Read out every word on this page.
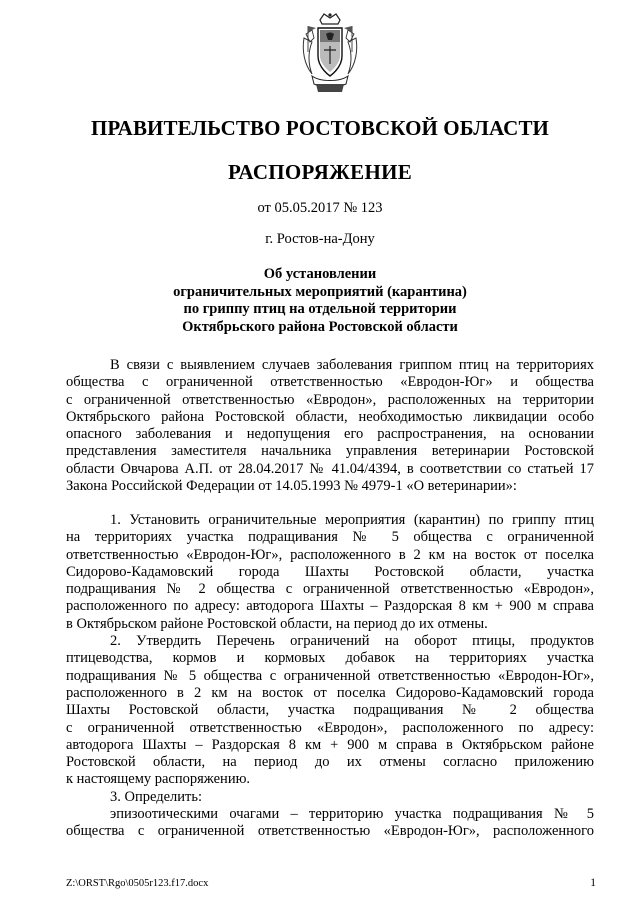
ПРАВИТЕЛЬСТВО РОСТОВСКОЙ ОБЛАСТИ
РАСПОРЯЖЕНИЕ
от 05.05.2017 № 123
г. Ростов-на-Дону
Об установлении
ограничительных мероприятий (карантина)
по гриппу птиц на отдельной территории
Октябрьского района Ростовской области
В связи с выявлением случаев заболевания гриппом птиц на территориях
общества с ограниченной ответственностью «Евродон-Юг» и общества
с ограниченной ответственностью «Евродон», расположенных на территории
Октябрьского района Ростовской области, необходимостью ликвидации особо
опасного заболевания и недопущения его распространения, на основании
представления заместителя начальника управления ветеринарии Ростовской
области Овчарова А.П. от 28.04.2017 № 41.04/4394, в соответствии со статьей 17
Закона Российской Федерации от 14.05.1993 № 4979-1 «О ветеринарии»:
1. Установить ограничительные мероприятия (карантин) по гриппу птиц
на территориях участка подращивания № 5 общества с ограниченной
ответственностью «Евродон-Юг», расположенного в 2 км на восток от поселка
Сидорово-Кадамовский города Шахты Ростовской области, участка
подращивания № 2 общества с ограниченной ответственностью «Евродон»,
расположенного по адресу: автодорога Шахты – Раздорская 8 км + 900 м справа
в Октябрьском районе Ростовской области, на период до их отмены.
2. Утвердить Перечень ограничений на оборот птицы, продуктов
птицеводства, кормов и кормовых добавок на территориях участка
подращивания № 5 общества с ограниченной ответственностью «Евродон-Юг»,
расположенного в 2 км на восток от поселка Сидорово-Кадамовский города
Шахты Ростовской области, участка подращивания № 2 общества
с ограниченной ответственностью «Евродон», расположенного по адресу:
автодорога Шахты – Раздорская 8 км + 900 м справа в Октябрьском районе
Ростовской области, на период до их отмены согласно приложению
к настоящему распоряжению.
3. Определить:
эпизоотическими очагами – территорию участка подращивания № 5
общества с ограниченной ответственностью «Евродон-Юг», расположенного
Z:\ORST\Rgo\0505r123.f17.docx	1
